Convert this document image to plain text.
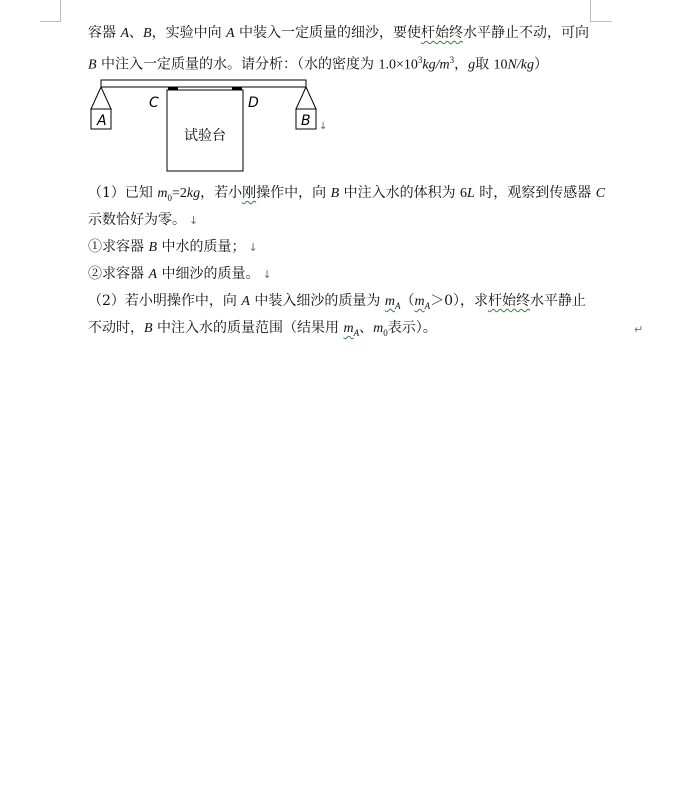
容器 A、B，实验中向 A 中装入一定质量的细沙，要使杆始终水平静止不动，可向
B 中注入一定质量的水。请分析：（水的密度为 $1.0\times 10^3kg/m^3$，g取 10N/kg）
试验台
C	D
A	B ↓
（1）已知 $m_0=2kg$，若小刚操作中，向 B 中注入水的体积为 6L 时，观察到传感器 C
示数恰好为零。 ↓
①求容器 B 中水的质量； ↓
②求容器 A 中细沙的质量。 ↓
（2）若小明操作中，向 A 中装入细沙的质量为 $m_A(m_A>0)$，求杆始终水平静止
不动时，B 中注入水的质量范围（结果用 $m_A$、$m_0$表示）。	↵
